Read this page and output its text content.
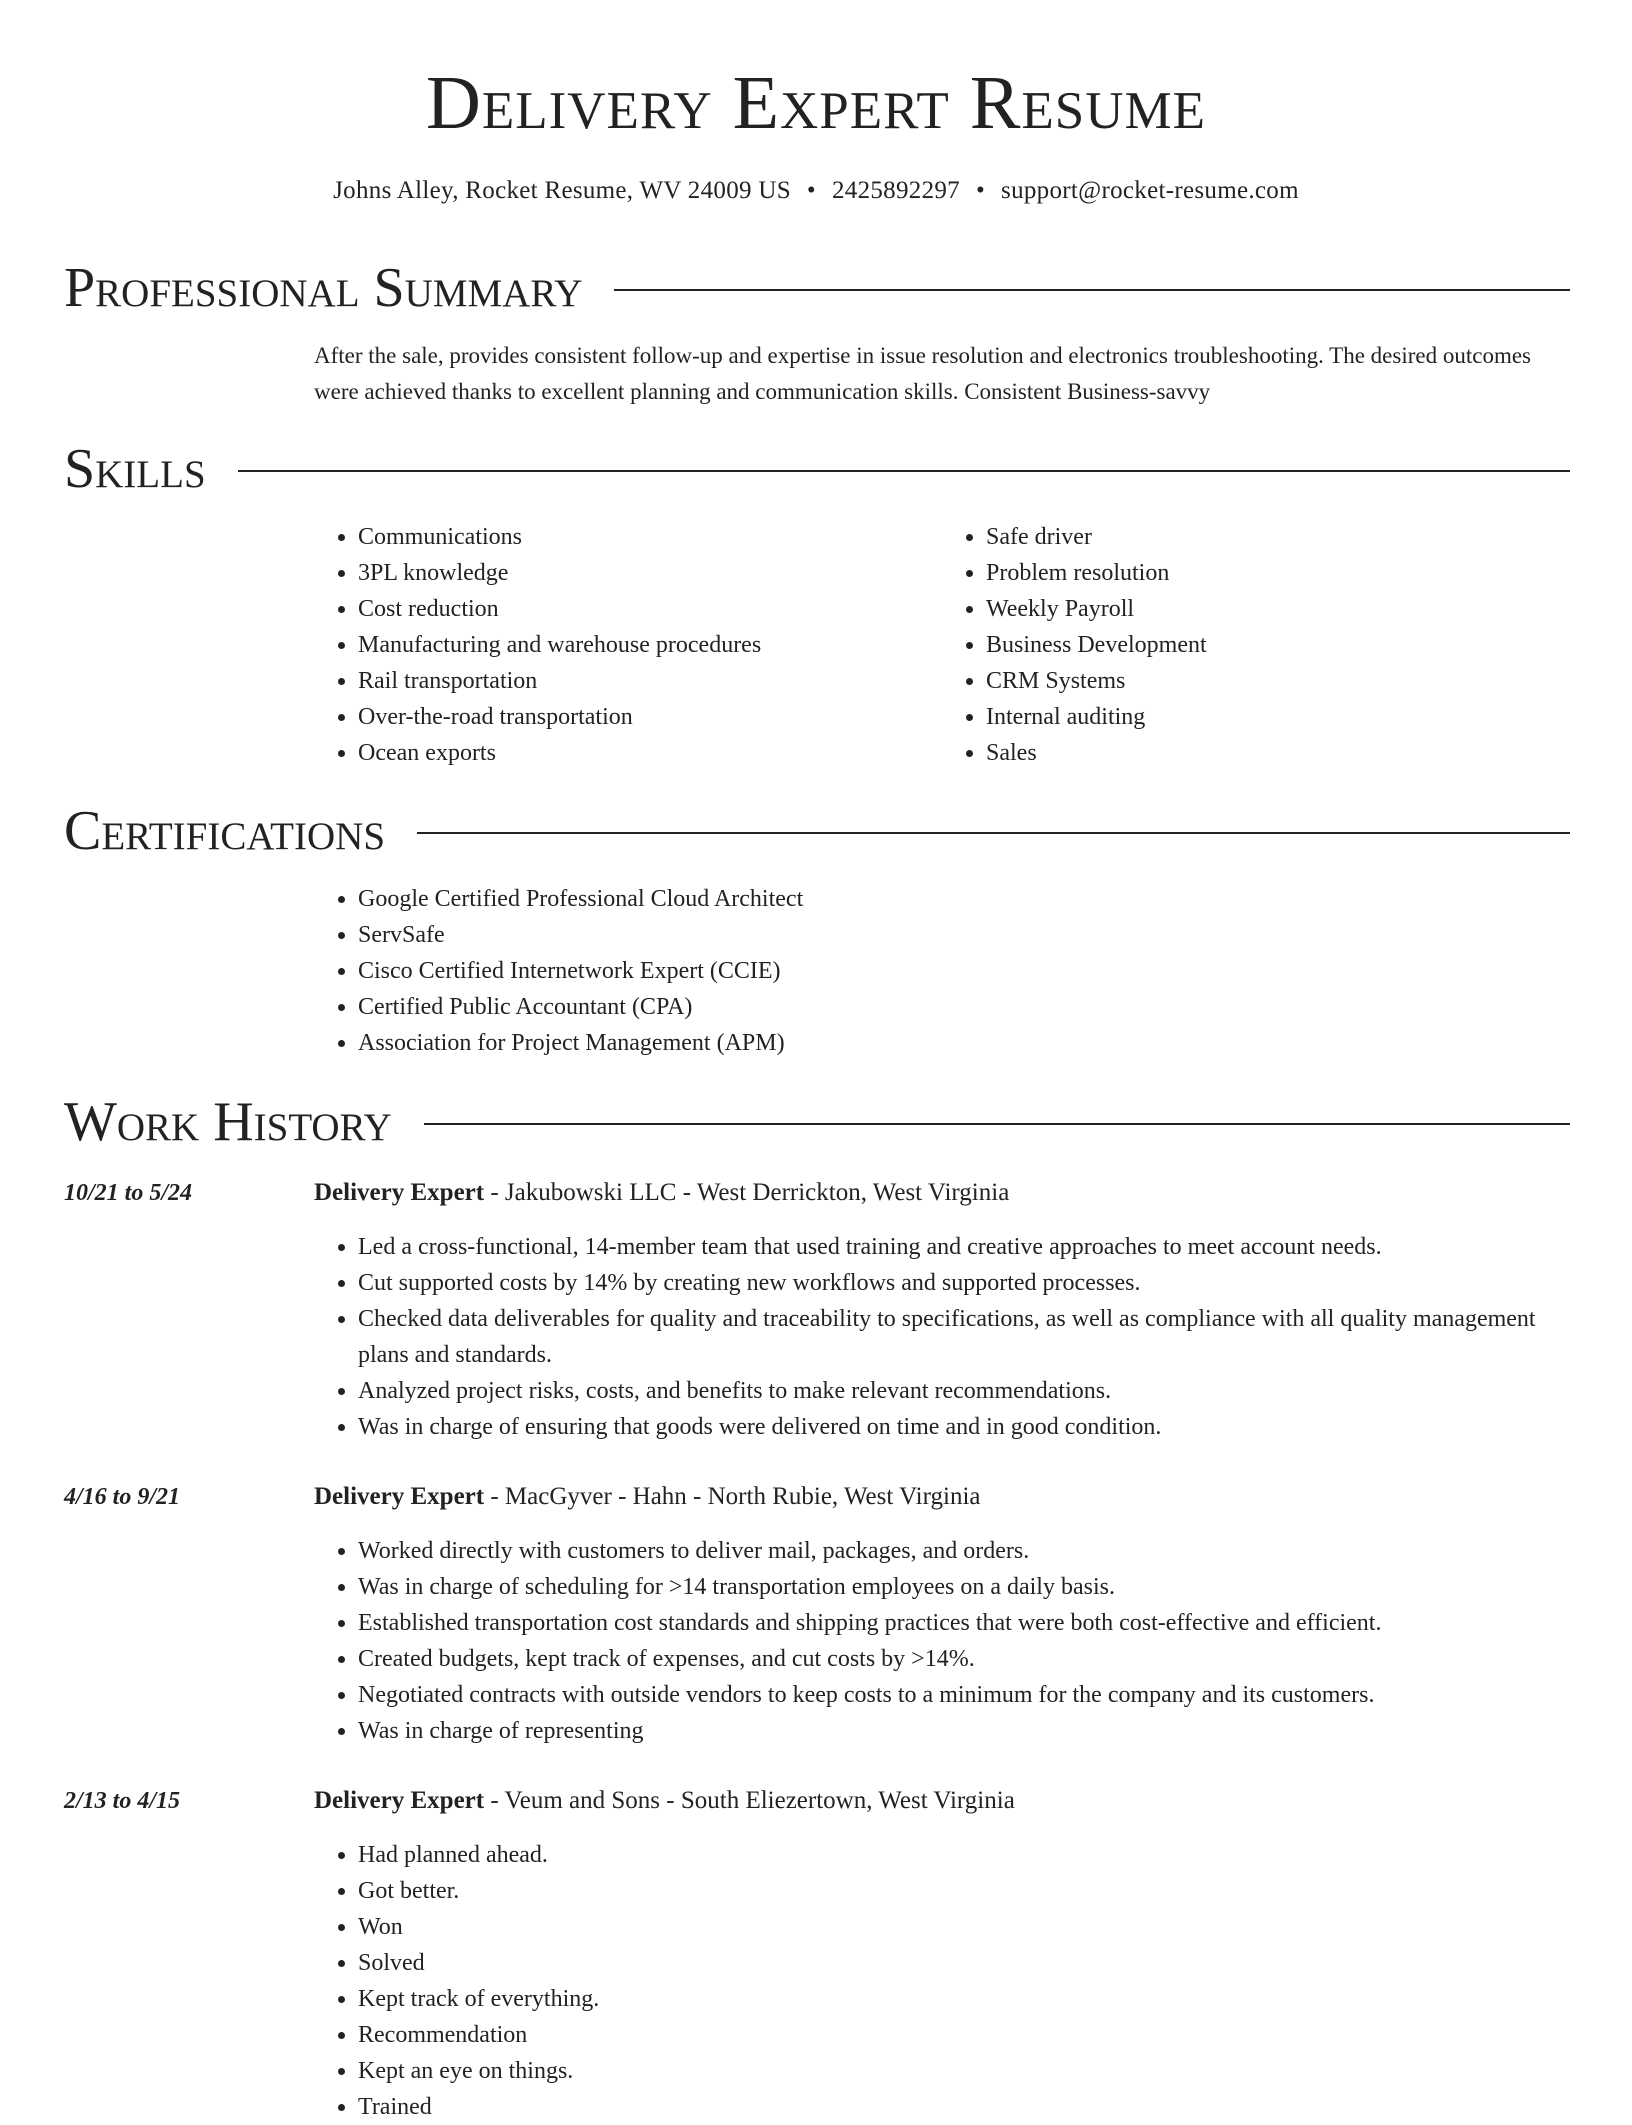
Delivery Expert Resume
Johns Alley, Rocket Resume, WV 24009 US • 2425892297 • support@rocket-resume.com
Professional Summary
After the sale, provides consistent follow-up and expertise in issue resolution and electronics troubleshooting. The desired outcomes were achieved thanks to excellent planning and communication skills. Consistent Business-savvy
Skills
• Communications
• 3PL knowledge
• Cost reduction
• Manufacturing and warehouse procedures
• Rail transportation
• Over-the-road transportation
• Ocean exports
• Safe driver
• Problem resolution
• Weekly Payroll
• Business Development
• CRM Systems
• Internal auditing
• Sales
Certifications
• Google Certified Professional Cloud Architect
• ServSafe
• Cisco Certified Internetwork Expert (CCIE)
• Certified Public Accountant (CPA)
• Association for Project Management (APM)
Work History
10/21 to 5/24	Delivery Expert - Jakubowski LLC - West Derrickton, West Virginia
• Led a cross-functional, 14-member team that used training and creative approaches to meet account needs.
• Cut supported costs by 14% by creating new workflows and supported processes.
• Checked data deliverables for quality and traceability to specifications, as well as compliance with all quality management plans and standards.
• Analyzed project risks, costs, and benefits to make relevant recommendations.
• Was in charge of ensuring that goods were delivered on time and in good condition.
4/16 to 9/21	Delivery Expert - MacGyver - Hahn - North Rubie, West Virginia
• Worked directly with customers to deliver mail, packages, and orders.
• Was in charge of scheduling for >14 transportation employees on a daily basis.
• Established transportation cost standards and shipping practices that were both cost-effective and efficient.
• Created budgets, kept track of expenses, and cut costs by >14%.
• Negotiated contracts with outside vendors to keep costs to a minimum for the company and its customers.
• Was in charge of representing
2/13 to 4/15	Delivery Expert - Veum and Sons - South Eliezertown, West Virginia
• Had planned ahead.
• Got better.
• Won
• Solved
• Kept track of everything.
• Recommendation
• Kept an eye on things.
• Trained
